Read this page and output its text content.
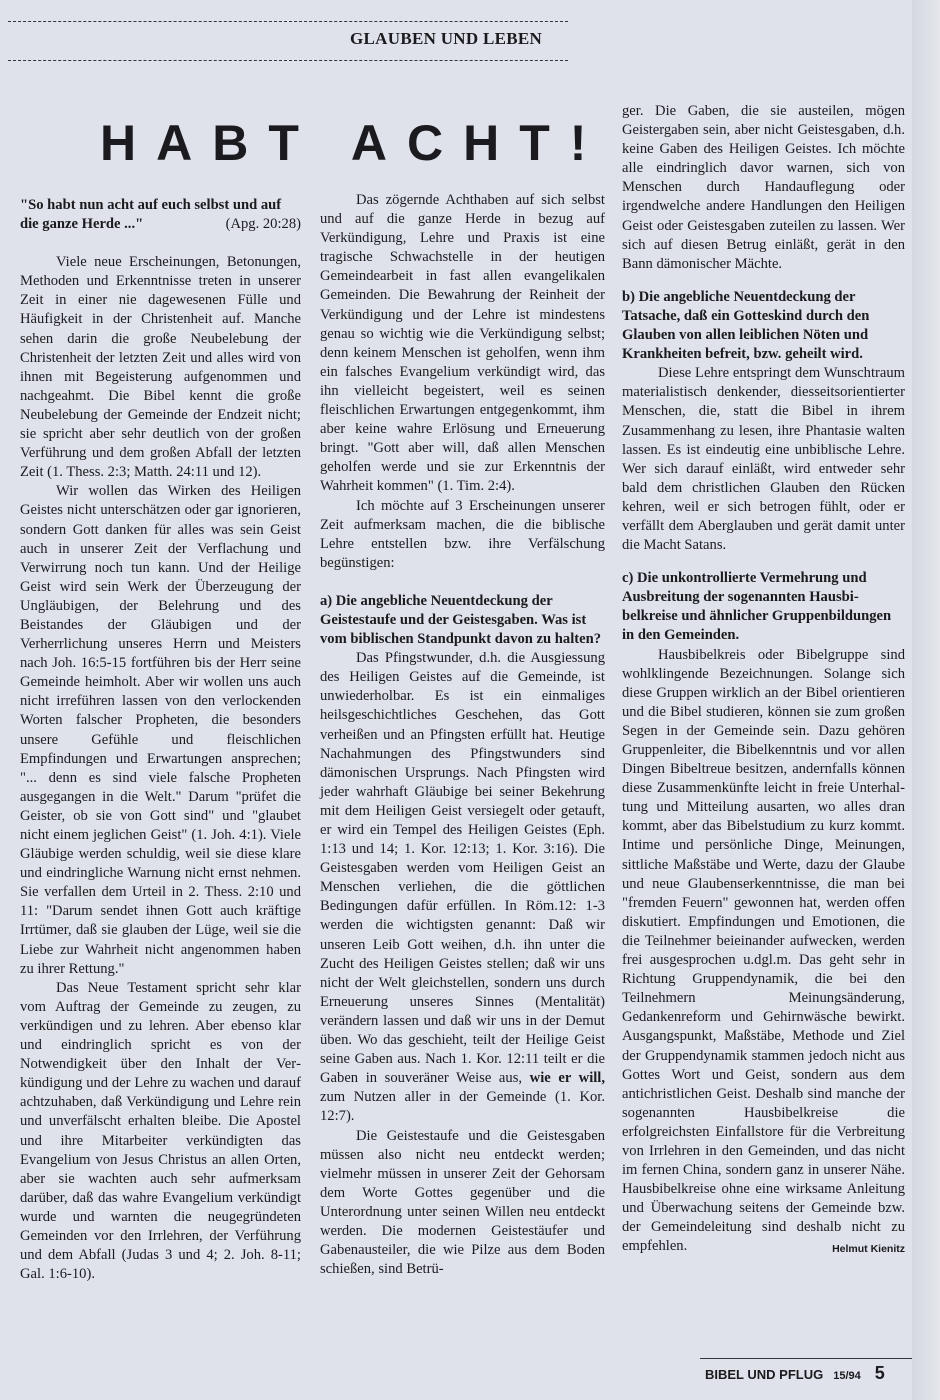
GLAUBEN UND LEBEN
HABT ACHT!
"So habt nun acht auf euch selbst und auf die ganze Herde ..."	(Apg. 20:28)

Viele neue Erscheinungen, Betonungen, Methoden und Erkenntnisse treten in unserer Zeit in einer nie dagewesenen Fülle und Häufigkeit in der Christenheit auf. Manche sehen darin die große Neubelebung der Christenheit der letzten Zeit und alles wird von ihnen mit Begeisterung aufgenommen und nachgeahmt. Die Bibel kennt die große Neubelebung der Gemeinde der Endzeit nicht; sie spricht aber sehr deutlich von der großen Verführung und dem großen Abfall der letzten Zeit (1. Thess. 2:3; Matth. 24:11 und 12).

Wir wollen das Wirken des Heiligen Geistes nicht unterschätzen oder gar ignorieren, sondern Gott danken für alles was sein Geist auch in unserer Zeit der Verflachung und Verwirrung noch tun kann. Und der Heilige Geist wird sein Werk der Überzeugung der Ungläubigen, der Belehrung und des Beistandes der Gläubigen und der Verherrlichung unseres Herrn und Meisters nach Joh. 16:5-15 fortführen bis der Herr seine Gemeinde heimholt. Aber wir wollen uns auch nicht irreführen lassen von den verlockenden Worten falscher Propheten, die besonders unsere Gefühle und fleischlichen Empfindungen und Erwartungen ansprechen; "... denn es sind viele falsche Propheten ausgegangen in die Welt." Darum "prüfet die Geister, ob sie von Gott sind" und "glaubet nicht einem jeglichen Geist" (1. Joh. 4:1). Viele Gläubige werden schuldig, weil sie diese klare und eindringliche Warnung nicht ernst nehmen. Sie verfallen dem Urteil in 2. Thess. 2:10 und 11: "Darum sendet ihnen Gott auch kräftige Irrtümer, daß sie glauben der Lüge, weil sie die Liebe zur Wahrheit nicht angenommen haben zu ihrer Rettung."

Das Neue Testament spricht sehr klar vom Auftrag der Gemeinde zu zeugen, zu verkündigen und zu lehren. Aber ebenso klar und eindringlich spricht es von der Notwendigkeit über den Inhalt der Verkündigung und der Lehre zu wachen und darauf achtzuhaben, daß Verkündigung und Lehre rein und unverfälscht erhalten bleibe. Die Apostel und ihre Mitarbeiter verkündigten das Evangelium von Jesus Christus an allen Orten, aber sie wachten auch sehr aufmerksam darüber, daß das wahre Evangelium verkündigt wurde und warnten die neugegründeten Gemeinden vor den Irrlehren, der Verführung und dem Abfall (Judas 3 und 4; 2. Joh. 8-11; Gal. 1:6-10).

Das zögernde Achthaben auf sich selbst und auf die ganze Herde in bezug auf Verkündigung, Lehre und Praxis ist eine tragische Schwachstelle in der heutigen Gemeindearbeit in fast allen evangelikalen Gemeinden. Die Bewahrung der Reinheit der Verkündigung und der Lehre ist mindestens genau so wichtig wie die Verkündigung selbst; denn keinem Menschen ist geholfen, wenn ihm ein falsches Evangelium verkündigt wird, das ihn vielleicht begeistert, weil es seinen fleischlichen Erwartungen entgegenkommt, ihm aber keine wahre Erlösung und Erneuerung bringt. "Gott aber will, daß allen Menschen geholfen werde und sie zur Erkenntnis der Wahrheit kommen" (1. Tim. 2:4).

Ich möchte auf 3 Erscheinungen unserer Zeit aufmerksam machen, die die biblische Lehre entstellen bzw. ihre Verfälschung begünstigen:

a) Die angebliche Neuentdeckung der Geistestaufe und der Geistesgaben. Was ist vom biblischen Standpunkt davon zu halten?

Das Pfingstwunder, d.h. die Ausgiessung des Heiligen Geistes auf die Gemeinde, ist unwiederholbar. Es ist ein einmaliges heilsgeschichtliches Geschehen, das Gott verheißen und an Pfingsten erfüllt hat. Heutige Nachahmungen des Pfingstwunders sind dämonischen Ursprungs. Nach Pfingsten wird jeder wahrhaft Gläubige bei seiner Bekehrung mit dem Heiligen Geist versiegelt oder getauft, er wird ein Tempel des Heiligen Geistes (Eph. 1:13 und 14; 1. Kor. 12:13; 1. Kor. 3:16). Die Geistesgaben werden vom Heiligen Geist an Menschen verliehen, die die göttlichen Bedingungen dafür erfüllen. In Röm.12: 1-3 werden die wichtigsten genannt: Daß wir unseren Leib Gott weihen, d.h. ihn unter die Zucht des Heiligen Geistes stellen; daß wir uns nicht der Welt gleichstellen, sondern uns durch Erneuerung unseres Sinnes (Mentalität) verändern lassen und daß wir uns in der Demut üben. Wo das geschieht, teilt der Heilige Geist seine Gaben aus. Nach 1. Kor. 12:11 teilt er die Gaben in souveräner Weise aus, wie er will, zum Nutzen aller in der Gemeinde (1. Kor. 12:7).

Die Geistestaufe und die Geistesgaben müssen also nicht neu entdeckt werden; vielmehr müssen in unserer Zeit der Gehorsam dem Worte Gottes gegenüber und die Unterordnung unter seinen Willen neu entdeckt werden. Die modernen Geistestäufer und Gabenausteiler, die wie Pilze aus dem Boden schießen, sind Betrü-

ger. Die Gaben, die sie austeilen, mögen Geistergaben sein, aber nicht Geistesgaben, d.h. keine Gaben des Heiligen Geistes. Ich möchte alle eindringlich davor warnen, sich von Menschen durch Handauflegung oder irgendwelche andere Handlungen den Heiligen Geist oder Geistesgaben zuteilen zu lassen. Wer sich auf diesen Betrug einläßt, gerät in den Bann dämonischer Mächte.

b) Die angebliche Neuentdeckung der Tatsache, daß ein Gotteskind durch den Glauben von allen leiblichen Nöten und Krankheiten befreit, bzw. geheilt wird.

Diese Lehre entspringt dem Wunschtraum materialistisch denkender, diesseitsorientierter Menschen, die, statt die Bibel in ihrem Zusammenhang zu lesen, ihre Phantasie walten lassen. Es ist eindeutig eine unbiblische Lehre. Wer sich darauf einläßt, wird entweder sehr bald dem christlichen Glauben den Rücken kehren, weil er sich betrogen fühlt, oder er verfällt dem Aberglauben und gerät damit unter die Macht Satans.

c) Die unkontrollierte Vermehrung und Ausbreitung der sogenannten Hausbibelkreise und ähnlicher Gruppenbildungen in den Gemeinden.

Hausbibelkreis oder Bibelgruppe sind wohlklingende Bezeichnungen. Solange sich diese Gruppen wirklich an der Bibel orientieren und die Bibel studieren, können sie zum großen Segen in der Gemeinde sein. Dazu gehören Gruppenleiter, die Bibelkenntnis und vor allen Dingen Bibeltreue besitzen, andernfalls können diese Zusammenkünfte leicht in freie Unterhaltung und Mitteilung ausarten, wo alles dran kommt, aber das Bibelstudium zu kurz kommt. Intime und persönliche Dinge, Meinungen, sittliche Maßstäbe und Werte, dazu der Glaube und neue Glaubenserkenntnisse, die man bei "fremden Feuern" gewonnen hat, werden offen diskutiert. Empfindungen und Emotionen, die die Teilnehmer beieinander aufwecken, werden frei ausgesprochen u.dgl.m. Das geht sehr in Richtung Gruppendynamik, die bei den Teilnehmern Meinungsänderung, Gedankenreform und Gehirnwäsche bewirkt. Ausgangspunkt, Maßstäbe, Methode und Ziel der Gruppendynamik stammen jedoch nicht aus Gottes Wort und Geist, sondern aus dem antichristlichen Geist. Deshalb sind manche der sogenannten Hausbibelkreise die erfolgreichsten Einfallstore für die Verbreitung von Irrlehren in den Gemeinden, und das nicht im fernen China, sondern ganz in unserer Nähe. Hausbibelkreise ohne eine wirksame Anleitung und Überwachung seitens der Gemeinde bzw. der Gemeindeleitung sind deshalb nicht zu empfehlen.	Helmut Kienitz

BIBEL UND PFLUG 15/94 5
